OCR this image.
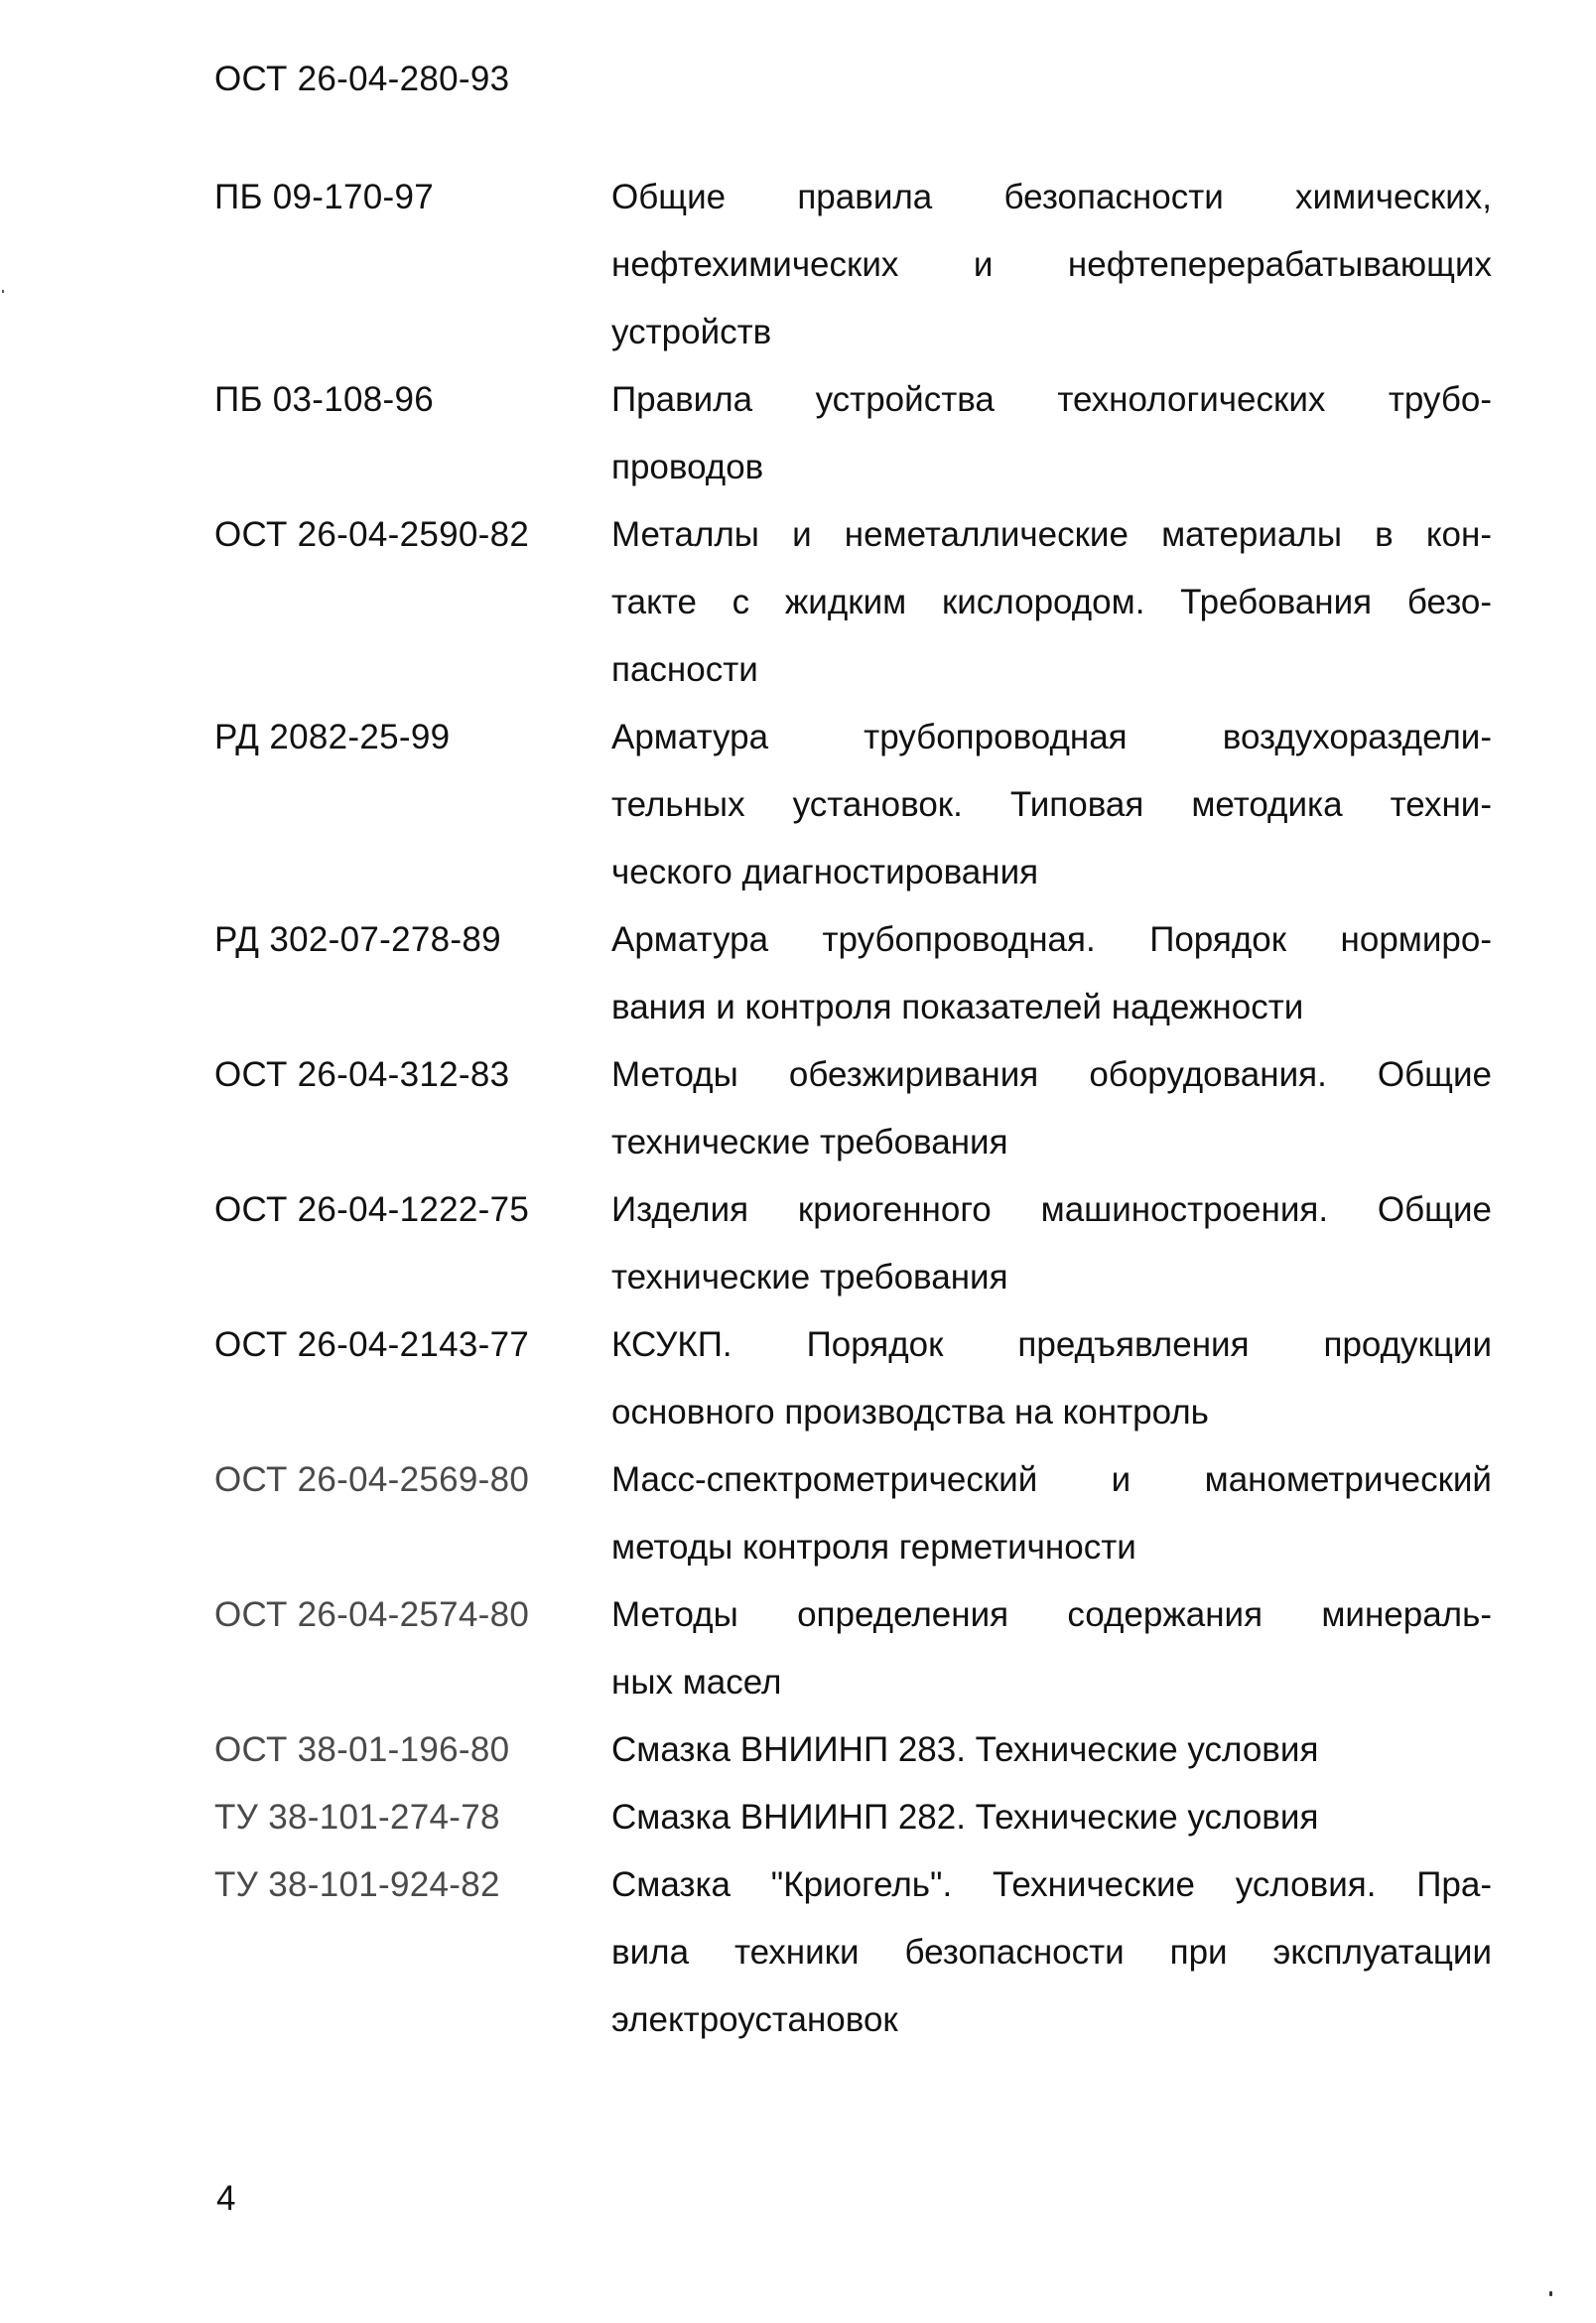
ОСТ 26-04-280-93
ПБ 09-170-97	Общие правила безопасности химических,
нефтехимических и нефтеперерабатывающих
устройств
ПБ 03-108-96	Правила устройства технологических трубо-
проводов
ОСТ 26-04-2590-82	Металлы и неметаллические материалы в кон-
такте с жидким кислородом. Требования безо-
пасности
РД 2082-25-99	Арматура трубопроводная воздухораздели-
тельных установок. Типовая методика техни-
ческого диагностирования
РД 302-07-278-89	Арматура трубопроводная. Порядок нормиро-
вания и контроля показателей надежности
ОСТ 26-04-312-83	Методы обезжиривания оборудования. Общие
технические требования
ОСТ 26-04-1222-75	Изделия криогенного машиностроения. Общие
технические требования
ОСТ 26-04-2143-77	КСУКП. Порядок предъявления продукции
основного производства на контроль
ОСТ 26-04-2569-80	Масс-спектрометрический и манометрический
методы контроля герметичности
ОСТ 26-04-2574-80	Методы определения содержания минераль-
ных масел
ОСТ 38-01-196-80	Смазка ВНИИНП 283. Технические условия
ТУ 38-101-274-78	Смазка ВНИИНП 282. Технические условия
ТУ 38-101-924-82	Смазка "Криогель". Технические условия. Пра-
вила техники безопасности при эксплуатации
электроустановок
4
